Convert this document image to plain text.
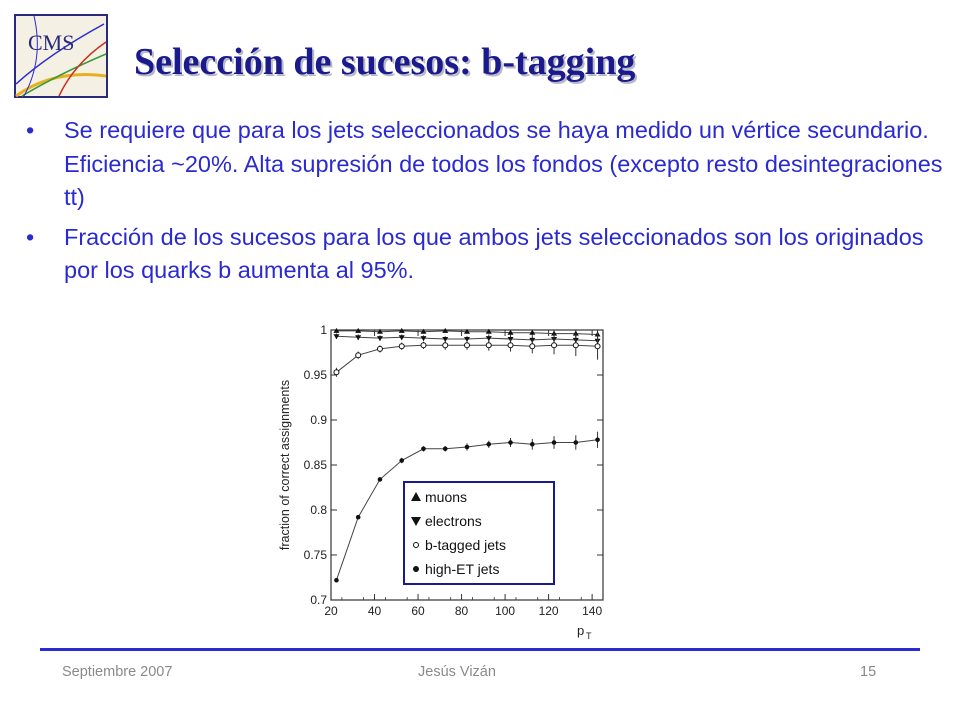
CMS Selección de sucesos: b-tagging
• Se requiere que para los jets seleccionados se haya medido un vértice secundario. Eficiencia ~20%. Alta supresión de todos los fondos (excepto resto desintegraciones tt)
• Fracción de los sucesos para los que ambos jets seleccionados son los originados por los quarks b aumenta al 95%.
20	40	60	80 100 120 140
0.7
0.75
0.8
0.85
0.9
0.95
1
fraction of correct assignments
p T
muons
electrons
b-tagged jets
high-ET jets
Septiembre 2007	Jesús Vizán	15
